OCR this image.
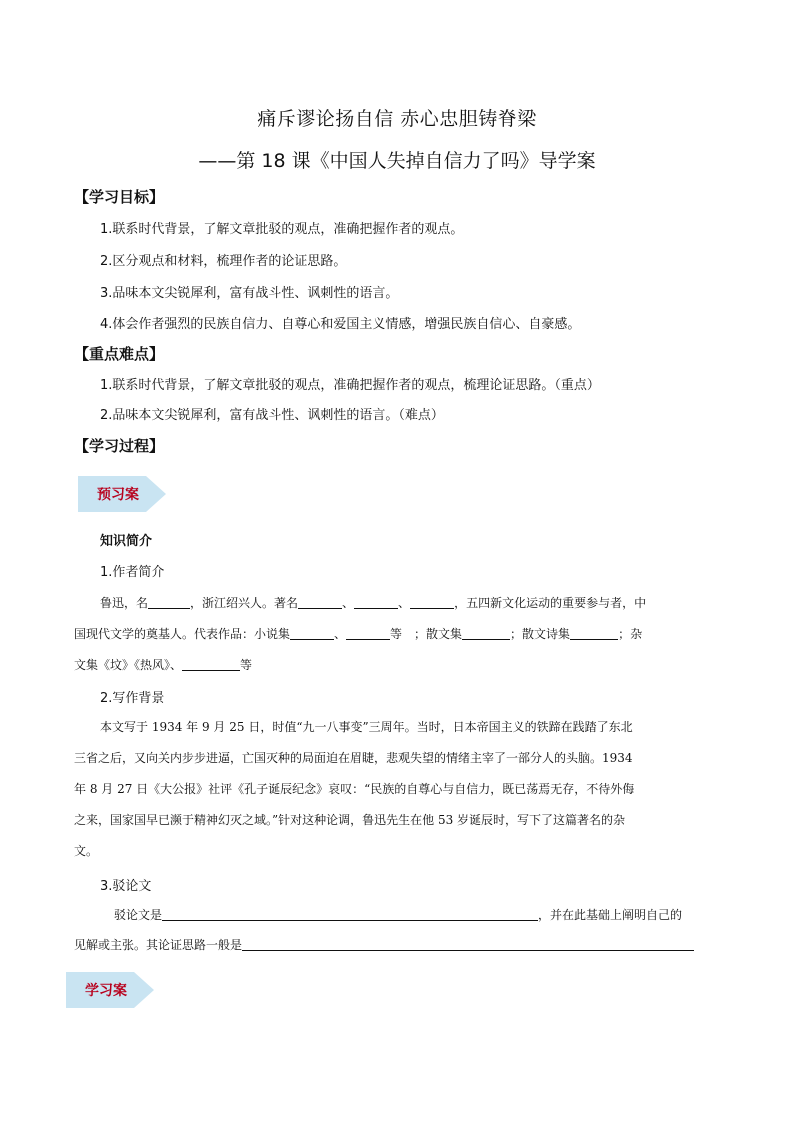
痛斥谬论扬自信 赤心忠胆铸脊梁
——第 18 课《中国人失掉自信力了吗》导学案
【学习目标】
1.联系时代背景，了解文章批驳的观点，准确把握作者的观点。
2.区分观点和材料，梳理作者的论证思路。
3.品味本文尖锐犀利，富有战斗性、讽刺性的语言。
4.体会作者强烈的民族自信力、自尊心和爱国主义情感，增强民族自信心、自豪感。
【重点难点】
1.联系时代背景，了解文章批驳的观点，准确把握作者的观点，梳理论证思路。（重点）
2.品味本文尖锐犀利，富有战斗性、讽刺性的语言。（难点）
【学习过程】
预习案
知识简介
1.作者简介
鲁迅，名	，浙江绍兴人。著名	、	、	，五四新文化运动的重要参与者，中
国现代文学的奠基人。代表作品：小说集	、	等　；散文集	；散文诗集	；杂
文集《坟》《热风》、	等
2.写作背景
本文写于 1934 年 9 月 25 日，时值“九一八事变”三周年。当时，日本帝国主义的铁蹄在践踏了东北
三省之后，又向关内步步进逼，亡国灭种的局面迫在眉睫，悲观失望的情绪主宰了一部分人的头脑。1934
年 8 月 27 日《大公报》社评《孔子诞辰纪念》哀叹：“民族的自尊心与自信力，既已荡焉无存，不待外侮
之来，国家国早已濒于精神幻灭之域。”针对这种论调，鲁迅先生在他 53 岁诞辰时，写下了这篇著名的杂
文。
3.驳论文
驳论文是	，并在此基础上阐明自己的
见解或主张。其论证思路一般是
学习案
